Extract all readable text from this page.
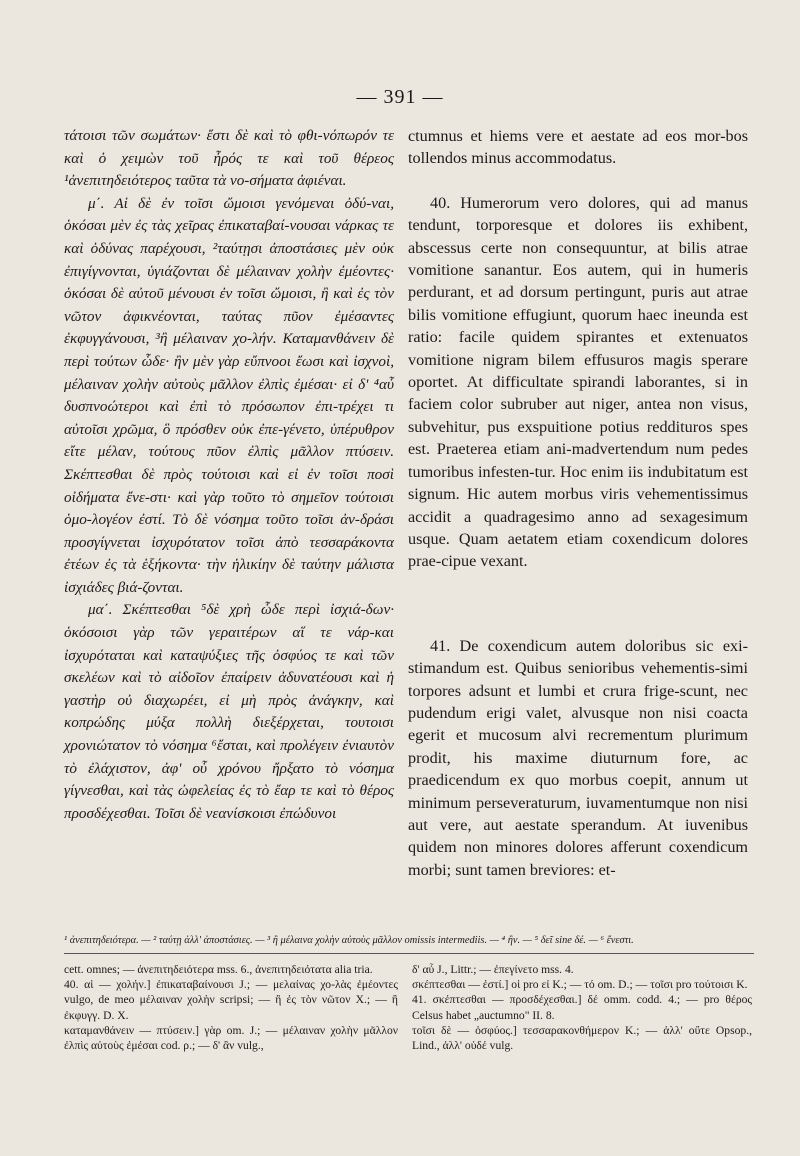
— 391 —

τάτοισι τῶν σωμάτων· ἔστι δὲ καὶ τὸ φθι-νόπωρόν τε καὶ ὁ χειμὼν τοῦ ἦρός τε καὶ τοῦ θέρεος ¹ἀνεπιτηδειότερος ταῦτα τὰ νο-σήματα ἀφιέναι.

μ΄. Αἱ δὲ ἐν τοῖσι ὤμοισι γενόμεναι ὀδύ-ναι, ὁκόσαι μὲν ἐς τὰς χεῖρας ἐπικαταβαί-νουσαι νάρκας τε καὶ ὀδύνας παρέχουσι, ²ταύτῃσι ἀποστάσιες μὲν οὐκ ἐπιγίγνονται, ὑγιάζονται δὲ μέλαιναν χολὴν ἐμέοντες· ὁκόσαι δὲ αὐτοῦ μένουσι ἐν τοῖσι ὤμοισι, ἢ καὶ ἐς τὸν νῶτον ἀφικνέονται, ταύτας πῦον ἐμέσαντες ἐκφυγγάνουσι, ³ἢ μέλαιναν χο-λήν. Καταμανθάνειν δὲ περὶ τούτων ὧδε· ἢν μὲν γὰρ εὔπνοοι ἔωσι καὶ ἰσχνοὶ, μέλαιναν χολὴν αὐτοὺς μᾶλλον ἐλπὶς ἐμέσαι· εἰ δ' ⁴αὖ δυσπνοώτεροι καὶ ἐπὶ τὸ πρόσωπον ἐπι-τρέχει τι αὐτοῖσι χρῶμα, ὃ πρόσθεν οὐκ ἐπε-γένετο, ὑπέρυθρον εἴτε μέλαν, τούτους πῦον ἐλπὶς μᾶλλον πτύσειν. Σκέπτεσθαι δὲ πρὸς τούτοισι καὶ εἰ ἐν τοῖσι ποσὶ οἰδήματα ἔνε-στι· καὶ γὰρ τοῦτο τὸ σημεῖον τούτοισι ὁμο-λογέον ἐστί. Τὸ δὲ νόσημα τοῦτο τοῖσι ἀν-δράσι προσγίγνεται ἰσχυρότατον τοῖσι ἀπὸ τεσσαράκοντα ἐτέων ἐς τὰ ἑξήκοντα· τὴν ἡλικίην δὲ ταύτην μάλιστα ἰσχιάδες βιά-ζονται.

μα΄. Σκέπτεσθαι ⁵δὲ χρὴ ὧδε περὶ ἰσχιά-δων· ὁκόσοισι γὰρ τῶν γεραιτέρων αἵ τε νάρ-και ἰσχυρόταται καὶ καταψύξιες τῆς ὀσφύος τε καὶ τῶν σκελέων καὶ τὸ αἰδοῖον ἐπαίρειν ἀδυνατέουσι καὶ ἡ γαστὴρ οὐ διαχωρέει, εἰ μὴ πρὸς ἀνάγκην, καὶ κοπρώδης μύξα πολλὴ διεξέρχεται, τουτοισι χρονιώτατον τὸ νόσημα ⁶ἔσται, καὶ προλέγειν ἐνιαυτὸν τὸ ἐλάχιστον, ἀφ' οὗ χρόνου ἤρξατο τὸ νόσημα γίγνεσθαι, καὶ τὰς ὠφελείας ἐς τὸ ἔαρ τε καὶ τὸ θέρος προσδέχεσθαι. Τοῖσι δὲ νεανίσκοισι ἐπώδυνοι

ctumnus et hiems vere et aestate ad eos mor-bos tollendos minus accommodatus.

40. Humerorum vero dolores, qui ad manus tendunt, torporesque et dolores iis exhibent, abscessus certe non consequuntur, at bilis atrae vomitione sanantur. Eos autem, qui in humeris perdurant, et ad dorsum pertingunt, puris aut atrae bilis vomitione effugiunt, quorum haec ineunda est ratio: facile quidem spirantes et extenuatos vomitione nigram bilem effusuros magis sperare oportet. At difficultate spirandi laborantes, si in faciem color subruber aut niger, antea non visus, subvehitur, pus exspuitione potius reddituros spes est. Praeterea etiam ani-madvertendum num pedes tumoribus infesten-tur. Hoc enim iis indubitatum est signum. Hic autem morbus viris vehementissimus accidit a quadragesimo anno ad sexagesimum usque. Quam aetatem etiam coxendicum dolores prae-cipue vexant.

41. De coxendicum autem doloribus sic exi-stimandum est. Quibus senioribus vehementis-simi torpores adsunt et lumbi et crura frige-scunt, nec pudendum erigi valet, alvusque non nisi coacta egerit et mucosum alvi recrementum plurimum prodit, his maxime diuturnum fore, ac praedicendum ex quo morbus coepit, annum ut minimum perseveraturum, iuvamentumque non nisi aut vere, aut aestate sperandum. At iuvenibus quidem non minores dolores afferunt coxendicum morbi; sunt tamen breviores: et-

¹ ἀνεπιτηδειότερα. — ² ταύτῃ ἀλλ' ἀποστάσιες. — ³ ἢ μέλαινα χολὴν αὐτοὺς μᾶλλον omissis intermediis. — ⁴ ἢν. — ⁵ δεῖ sine δέ. — ⁶ ἔνεστι.
cett. omnes; — ἀνεπιτηδειότερα mss. 6., ἀνεπιτηδειότατα alia tria.
40. αἱ — χολήν.] ἐπικαταβαίνουσι J.; — μελαίνας χο-λὰς ἐμέοντες vulgo, de meo μέλαιναν χολὴν scripsi; — ἢ ἐς τὸν νῶτον X.; — ἢ ἐκφυγγ. D. X.
καταμανθάνειν — πτύσειν.] γὰρ om. J.; — μέλαιναν χολὴν μᾶλλον ἐλπὶς αὐτοὺς ἐμέσαι cod. ρ.; — δ' ἂν vulg.,
δ' αὖ J., Littr.; — ἐπεγίνετο mss. 4.
σκέπτεσθαι — ἐστί.] οἱ pro εἰ K.; — τό om. D.; — τοῖσι pro τούτοισι K.
41. σκέπτεσθαι — προσδέχεσθαι.] δέ omm. codd. 4.; — pro θέρος Celsus habet „auctumno" II. 8.
τοῖσι δὲ — ὀσφύος.] τεσσαρακονθήμερον K.; — ἀλλ' οὔτε Opsop., Lind., ἀλλ' οὐδέ vulg.
